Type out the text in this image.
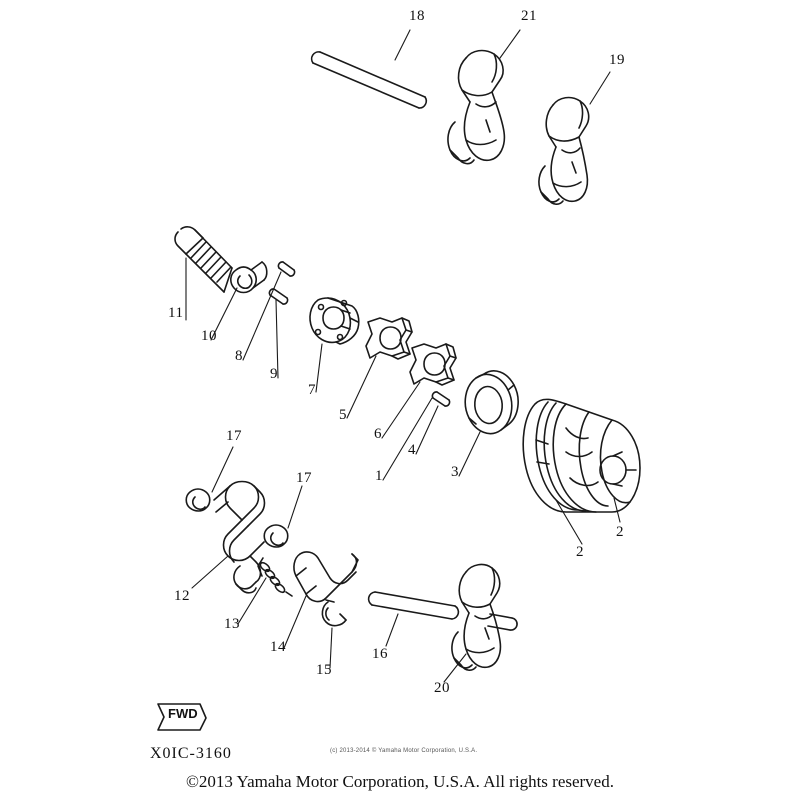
FWD
18	21
19
11
10
8
9
7
5
6
4
3
1
2
2
17
17
12
13
14
15
16
20
X0IC-3160	(c) 2013-2014 © Yamaha Motor Corporation, U.S.A.
©2013 Yamaha Motor Corporation, U.S.A. All rights reserved.
